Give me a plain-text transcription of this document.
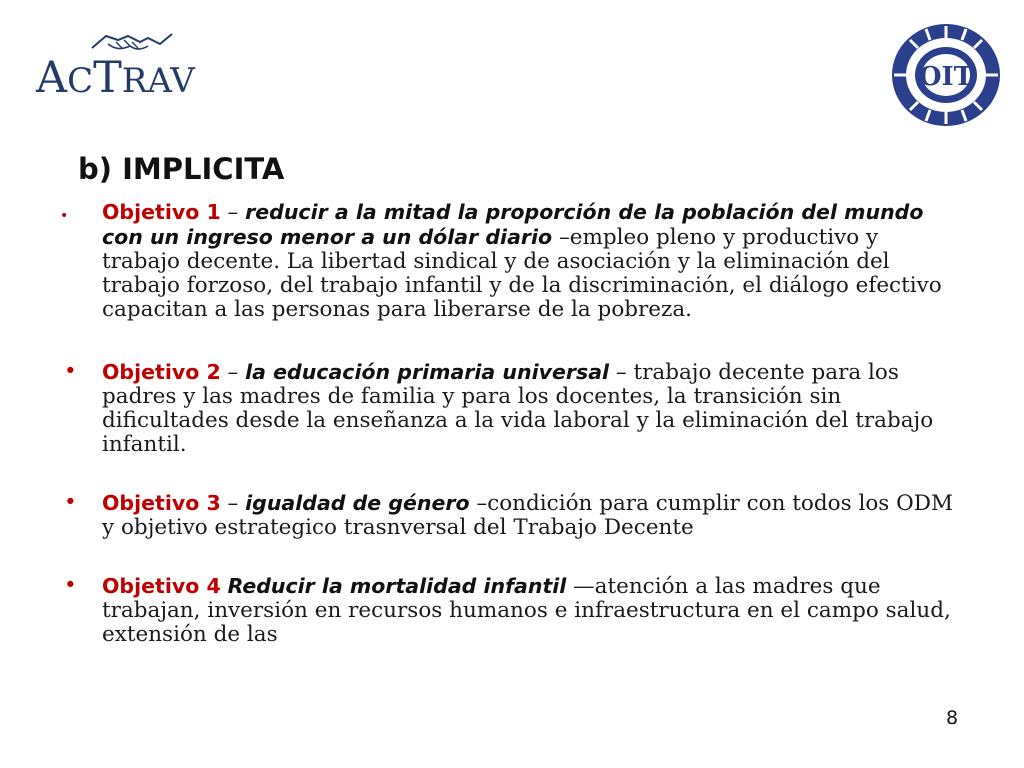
ACTRAV	OIT
b) IMPLICITA
• Objetivo 1 – reducir a la mitad la proporción de la población del mundo con un ingreso menor a un dólar diario –empleo pleno y productivo y trabajo decente. La libertad sindical y de asociación y la eliminación del trabajo forzoso, del trabajo infantil y de la discriminación, el diálogo efectivo capacitan a las personas para liberarse de la pobreza.
• Objetivo 2 – la educación primaria universal – trabajo decente para los padres y las madres de familia y para los docentes, la transición sin dificultades desde la enseñanza a la vida laboral y la eliminación del trabajo infantil.
• Objetivo 3 – igualdad de género –condición para cumplir con todos los ODM y objetivo estrategico trasnversal del Trabajo Decente
• Objetivo 4 Reducir la mortalidad infantil —atención a las madres que trabajan, inversión en recursos humanos e infraestructura en el campo salud, extensión de las
8
